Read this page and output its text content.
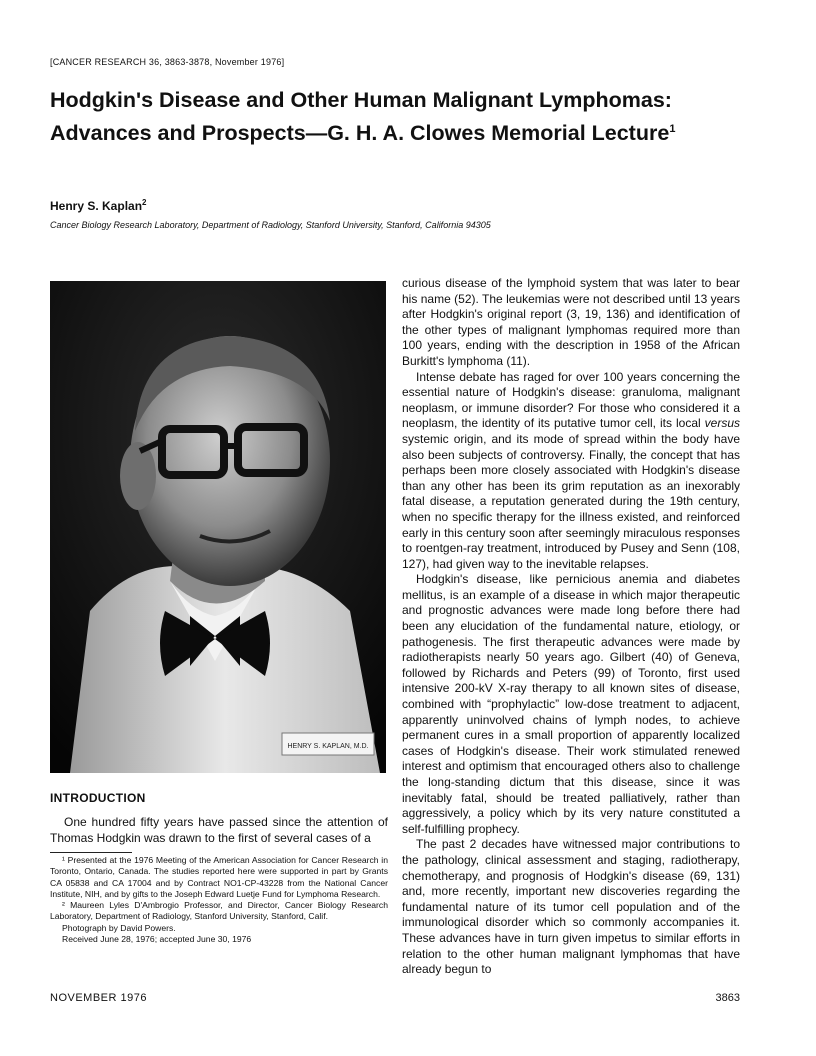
[CANCER RESEARCH 36, 3863-3878, November 1976]
Hodgkin's Disease and Other Human Malignant Lymphomas: Advances and Prospects—G. H. A. Clowes Memorial Lecture$^1$
Henry S. Kaplan$^2$
Cancer Biology Research Laboratory, Department of Radiology, Stanford University, Stanford, California 94305
HENRY S. KAPLAN, M.D.
INTRODUCTION

One hundred fifty years have passed since the attention of Thomas Hodgkin was drawn to the first of several cases of a

¹ Presented at the 1976 Meeting of the American Association for Cancer Research in Toronto, Ontario, Canada. The studies reported here were supported in part by Grants CA 05838 and CA 17004 and by Contract NO1-CP-43228 from the National Cancer Institute, NIH, and by gifts to the Joseph Edward Luetje Fund for Lymphoma Research.

² Maureen Lyles D'Ambrogio Professor, and Director, Cancer Biology Research Laboratory, Department of Radiology, Stanford University, Stanford, Calif.

Photograph by David Powers.

Received June 28, 1976; accepted June 30, 1976

curious disease of the lymphoid system that was later to bear his name (52). The leukemias were not described until 13 years after Hodgkin's original report (3, 19, 136) and identification of the other types of malignant lymphomas required more than 100 years, ending with the description in 1958 of the African Burkitt's lymphoma (11).

Intense debate has raged for over 100 years concerning the essential nature of Hodgkin's disease: granuloma, malignant neoplasm, or immune disorder? For those who considered it a neoplasm, the identity of its putative tumor cell, its local versus systemic origin, and its mode of spread within the body have also been subjects of controversy. Finally, the concept that has perhaps been more closely associated with Hodgkin's disease than any other has been its grim reputation as an inexorably fatal disease, a reputation generated during the 19th century, when no specific therapy for the illness existed, and reinforced early in this century soon after seemingly miraculous responses to roentgen-ray treatment, introduced by Pusey and Senn (108, 127), had given way to the inevitable relapses.

Hodgkin's disease, like pernicious anemia and diabetes mellitus, is an example of a disease in which major therapeutic and prognostic advances were made long before there had been any elucidation of the fundamental nature, etiology, or pathogenesis. The first therapeutic advances were made by radiotherapists nearly 50 years ago. Gilbert (40) of Geneva, followed by Richards and Peters (99) of Toronto, first used intensive 200-kV X-ray therapy to all known sites of disease, combined with “prophylactic” low-dose treatment to adjacent, apparently uninvolved chains of lymph nodes, to achieve permanent cures in a small proportion of apparently localized cases of Hodgkin's disease. Their work stimulated renewed interest and optimism that encouraged others also to challenge the long-standing dictum that this disease, since it was inevitably fatal, should be treated palliatively, rather than aggressively, a policy which by its very nature constituted a self-fulfilling prophecy.

The past 2 decades have witnessed major contributions to the pathology, clinical assessment and staging, radiotherapy, chemotherapy, and prognosis of Hodgkin's disease (69, 131) and, more recently, important new discoveries regarding the fundamental nature of its tumor cell population and of the immunological disorder which so commonly accompanies it. These advances have in turn given impetus to similar efforts in relation to the other human malignant lymphomas that have already begun to

NOVEMBER 1976	3863
